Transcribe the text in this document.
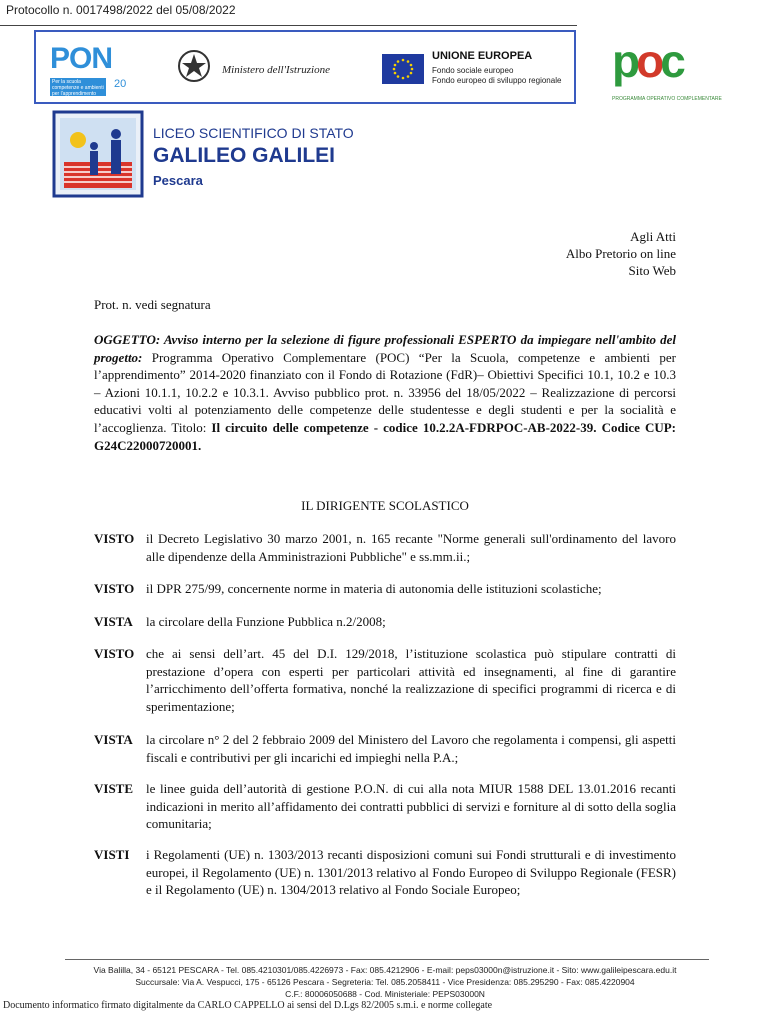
Protocollo n. 0017498/2022 del 05/08/2022
PON
Per la scuola competenze e ambienti per l'apprendimento
20
Ministero dell'Istruzione
UNIONE EUROPEA
Fondo sociale europeo
Fondo europeo di sviluppo regionale poc
PROGRAMMA OPERATIVO COMPLEMENTARE
LICEO SCIENTIFICO DI STATO
GALILEO GALILEI
Pescara
Agli Atti
Albo Pretorio on line
Sito Web
Prot. n. vedi segnatura
OGGETTO: Avviso interno per la selezione di figure professionali ESPERTO da impiegare nell'ambito del progetto: Programma Operativo Complementare (POC) “Per la Scuola, competenze e ambienti per l’apprendimento” 2014-2020 finanziato con il Fondo di Rotazione (FdR)– Obiettivi Specifici 10.1, 10.2 e 10.3 – Azioni 10.1.1, 10.2.2 e 10.3.1. Avviso pubblico prot. n. 33956 del 18/05/2022 – Realizzazione di percorsi educativi volti al potenziamento delle competenze delle studentesse e degli studenti e per la socialità e l’accoglienza. Titolo: Il circuito delle competenze - codice 10.2.2A-FDRPOC-AB-2022-39. Codice CUP: G24C22000720001.
IL DIRIGENTE SCOLASTICO
VISTO il Decreto Legislativo 30 marzo 2001, n. 165 recante "Norme generali sull'ordinamento del lavoro alle dipendenze della Amministrazioni Pubbliche" e ss.mm.ii.;
VISTO il DPR 275/99, concernente norme in materia di autonomia delle istituzioni scolastiche;
VISTA la circolare della Funzione Pubblica n.2/2008;
VISTO che ai sensi dell’art. 45 del D.I. 129/2018, l’istituzione scolastica può stipulare contratti di prestazione d’opera con esperti per particolari attività ed insegnamenti, al fine di garantire l’arricchimento dell’offerta formativa, nonché la realizzazione di specifici programmi di ricerca e di sperimentazione;
VISTA la circolare n° 2 del 2 febbraio 2009 del Ministero del Lavoro che regolamenta i compensi, gli aspetti fiscali e contributivi per gli incarichi ed impieghi nella P.A.;
VISTE le linee guida dell’autorità di gestione P.O.N. di cui alla nota MIUR 1588 DEL 13.01.2016 recanti indicazioni in merito all’affidamento dei contratti pubblici di servizi e forniture al di sotto della soglia comunitaria;
VISTI i Regolamenti (UE) n. 1303/2013 recanti disposizioni comuni sui Fondi strutturali e di investimento europei, il Regolamento (UE) n. 1301/2013 relativo al Fondo Europeo di Sviluppo Regionale (FESR) e il Regolamento (UE) n. 1304/2013 relativo al Fondo Sociale Europeo;
Via Balilla, 34 - 65121 PESCARA - Tel. 085.4210301/085.4226973 - Fax: 085.4212906 - E-mail: peps03000n@istruzione.it - Sito: www.galileipescara.edu.it
Succursale: Via A. Vespucci, 175 - 65126 Pescara - Segreteria: Tel. 085.2058411 - Vice Presidenza: 085.295290 - Fax: 085.4220904
C.F.: 80006050688 - Cod. Ministeriale: PEPS03000N
Documento informatico firmato digitalmente da CARLO CAPPELLO ai sensi del D.Lgs 82/2005 s.m.i. e norme collegate
